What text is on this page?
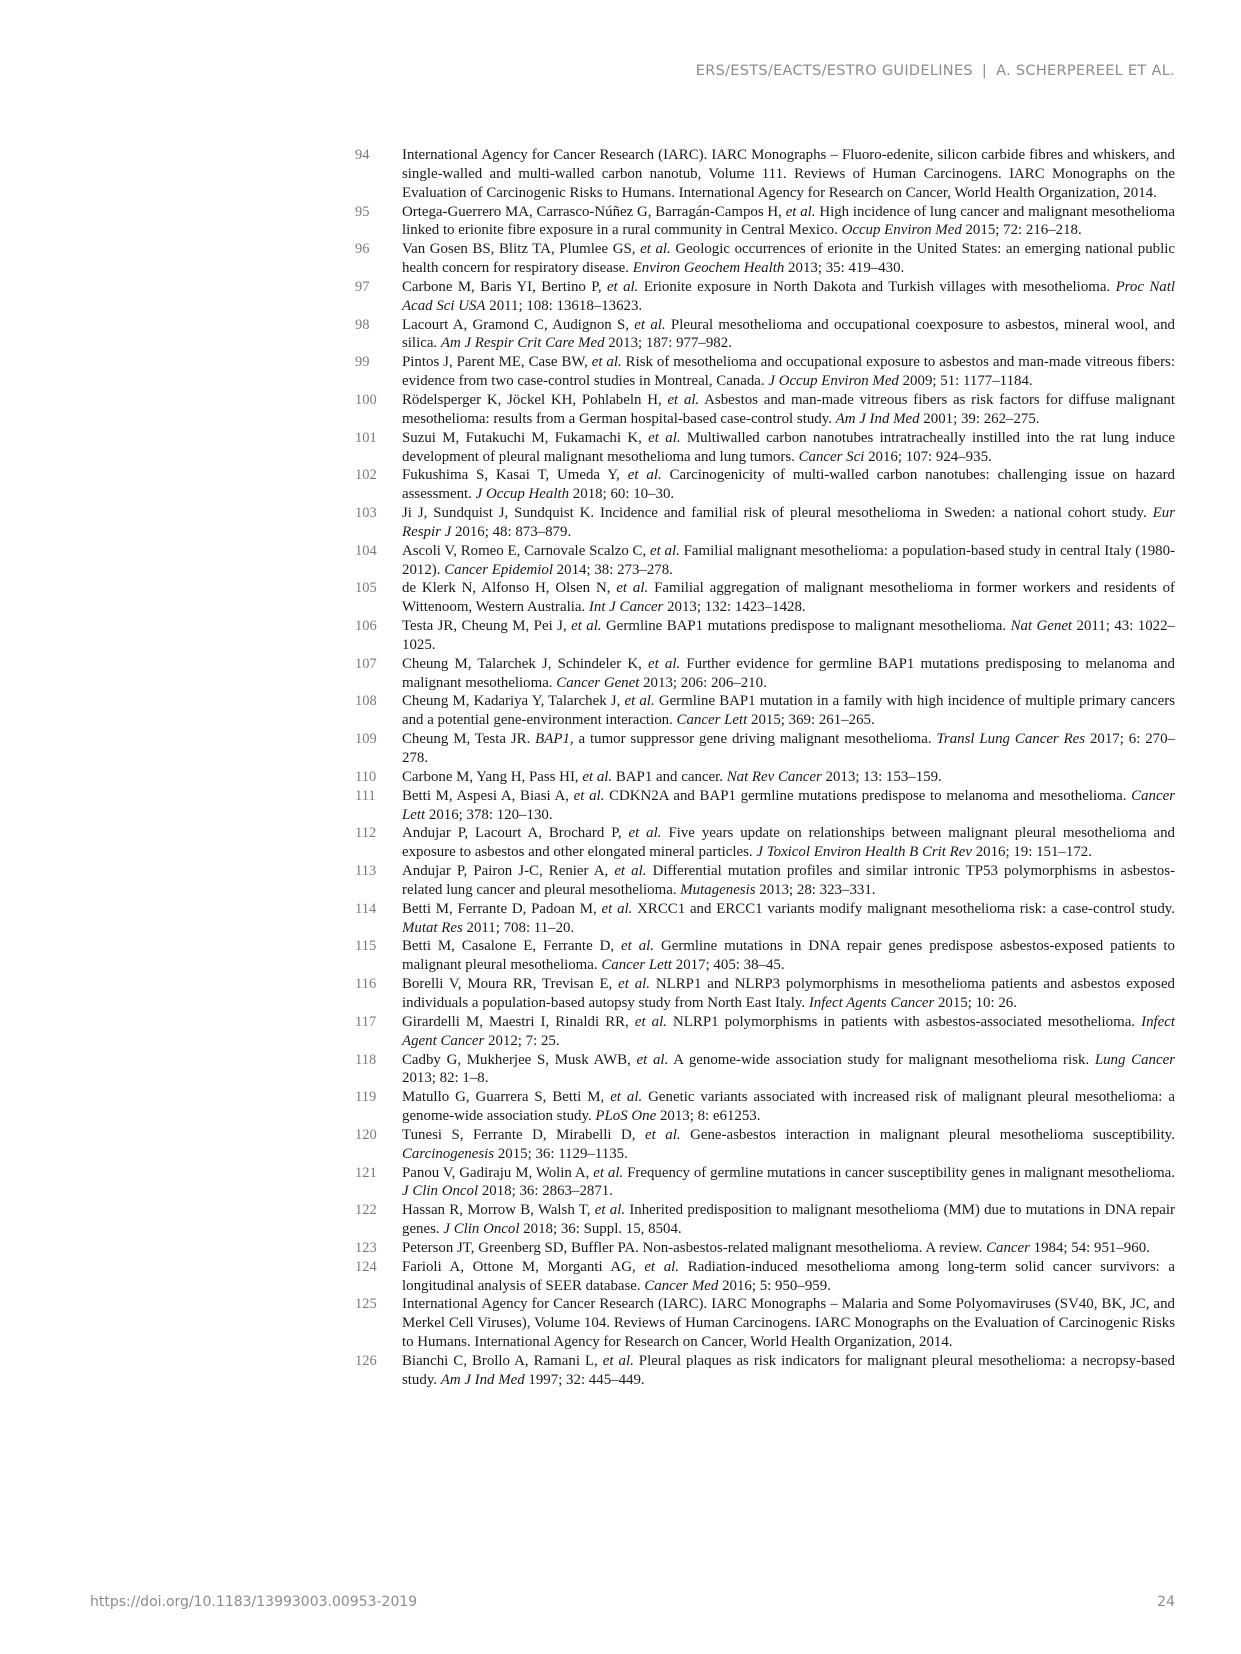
ERS/ESTS/EACTS/ESTRO GUIDELINES | A. SCHERPEREEL ET AL.

94	International Agency for Cancer Research (IARC). IARC Monographs – Fluoro-edenite, silicon carbide fibres and whiskers, and single-walled and multi-walled carbon nanotub, Volume 111. Reviews of Human Carcinogens. IARC Monographs on the Evaluation of Carcinogenic Risks to Humans. International Agency for Research on Cancer, World Health Organization, 2014.

95	Ortega-Guerrero MA, Carrasco-Núñez G, Barragán-Campos H, et al. High incidence of lung cancer and malignant mesothelioma linked to erionite fibre exposure in a rural community in Central Mexico. Occup Environ Med 2015; 72: 216–218.

96	Van Gosen BS, Blitz TA, Plumlee GS, et al. Geologic occurrences of erionite in the United States: an emerging national public health concern for respiratory disease. Environ Geochem Health 2013; 35: 419–430.

97	Carbone M, Baris YI, Bertino P, et al. Erionite exposure in North Dakota and Turkish villages with mesothelioma. Proc Natl Acad Sci USA 2011; 108: 13618–13623.

98	Lacourt A, Gramond C, Audignon S, et al. Pleural mesothelioma and occupational coexposure to asbestos, mineral wool, and silica. Am J Respir Crit Care Med 2013; 187: 977–982.

99	Pintos J, Parent ME, Case BW, et al. Risk of mesothelioma and occupational exposure to asbestos and man-made vitreous fibers: evidence from two case-control studies in Montreal, Canada. J Occup Environ Med 2009; 51: 1177–1184.

100	Rödelsperger K, Jöckel KH, Pohlabeln H, et al. Asbestos and man-made vitreous fibers as risk factors for diffuse malignant mesothelioma: results from a German hospital-based case-control study. Am J Ind Med 2001; 39: 262–275.

101	Suzui M, Futakuchi M, Fukamachi K, et al. Multiwalled carbon nanotubes intratracheally instilled into the rat lung induce development of pleural malignant mesothelioma and lung tumors. Cancer Sci 2016; 107: 924–935.

102	Fukushima S, Kasai T, Umeda Y, et al. Carcinogenicity of multi-walled carbon nanotubes: challenging issue on hazard assessment. J Occup Health 2018; 60: 10–30.

103	Ji J, Sundquist J, Sundquist K. Incidence and familial risk of pleural mesothelioma in Sweden: a national cohort study. Eur Respir J 2016; 48: 873–879.

104	Ascoli V, Romeo E, Carnovale Scalzo C, et al. Familial malignant mesothelioma: a population-based study in central Italy (1980-2012). Cancer Epidemiol 2014; 38: 273–278.

105	de Klerk N, Alfonso H, Olsen N, et al. Familial aggregation of malignant mesothelioma in former workers and residents of Wittenoom, Western Australia. Int J Cancer 2013; 132: 1423–1428.

106	Testa JR, Cheung M, Pei J, et al. Germline BAP1 mutations predispose to malignant mesothelioma. Nat Genet 2011; 43: 1022–1025.

107	Cheung M, Talarchek J, Schindeler K, et al. Further evidence for germline BAP1 mutations predisposing to melanoma and malignant mesothelioma. Cancer Genet 2013; 206: 206–210.

108	Cheung M, Kadariya Y, Talarchek J, et al. Germline BAP1 mutation in a family with high incidence of multiple primary cancers and a potential gene-environment interaction. Cancer Lett 2015; 369: 261–265.

109	Cheung M, Testa JR. BAP1, a tumor suppressor gene driving malignant mesothelioma. Transl Lung Cancer Res 2017; 6: 270–278.

110	Carbone M, Yang H, Pass HI, et al. BAP1 and cancer. Nat Rev Cancer 2013; 13: 153–159.

111	Betti M, Aspesi A, Biasi A, et al. CDKN2A and BAP1 germline mutations predispose to melanoma and mesothelioma. Cancer Lett 2016; 378: 120–130.

112	Andujar P, Lacourt A, Brochard P, et al. Five years update on relationships between malignant pleural mesothelioma and exposure to asbestos and other elongated mineral particles. J Toxicol Environ Health B Crit Rev 2016; 19: 151–172.

113	Andujar P, Pairon J-C, Renier A, et al. Differential mutation profiles and similar intronic TP53 polymorphisms in asbestos-related lung cancer and pleural mesothelioma. Mutagenesis 2013; 28: 323–331.

114	Betti M, Ferrante D, Padoan M, et al. XRCC1 and ERCC1 variants modify malignant mesothelioma risk: a case-control study. Mutat Res 2011; 708: 11–20.

115	Betti M, Casalone E, Ferrante D, et al. Germline mutations in DNA repair genes predispose asbestos-exposed patients to malignant pleural mesothelioma. Cancer Lett 2017; 405: 38–45.

116	Borelli V, Moura RR, Trevisan E, et al. NLRP1 and NLRP3 polymorphisms in mesothelioma patients and asbestos exposed individuals a population-based autopsy study from North East Italy. Infect Agents Cancer 2015; 10: 26.

117	Girardelli M, Maestri I, Rinaldi RR, et al. NLRP1 polymorphisms in patients with asbestos-associated mesothelioma. Infect Agent Cancer 2012; 7: 25.

118	Cadby G, Mukherjee S, Musk AWB, et al. A genome-wide association study for malignant mesothelioma risk. Lung Cancer 2013; 82: 1–8.

119	Matullo G, Guarrera S, Betti M, et al. Genetic variants associated with increased risk of malignant pleural mesothelioma: a genome-wide association study. PLoS One 2013; 8: e61253.

120	Tunesi S, Ferrante D, Mirabelli D, et al. Gene-asbestos interaction in malignant pleural mesothelioma susceptibility. Carcinogenesis 2015; 36: 1129–1135.

121	Panou V, Gadiraju M, Wolin A, et al. Frequency of germline mutations in cancer susceptibility genes in malignant mesothelioma. J Clin Oncol 2018; 36: 2863–2871.

122	Hassan R, Morrow B, Walsh T, et al. Inherited predisposition to malignant mesothelioma (MM) due to mutations in DNA repair genes. J Clin Oncol 2018; 36: Suppl. 15, 8504.

123	Peterson JT, Greenberg SD, Buffler PA. Non-asbestos-related malignant mesothelioma. A review. Cancer 1984; 54: 951–960.

124	Farioli A, Ottone M, Morganti AG, et al. Radiation-induced mesothelioma among long-term solid cancer survivors: a longitudinal analysis of SEER database. Cancer Med 2016; 5: 950–959.

125	International Agency for Cancer Research (IARC). IARC Monographs – Malaria and Some Polyomaviruses (SV40, BK, JC, and Merkel Cell Viruses), Volume 104. Reviews of Human Carcinogens. IARC Monographs on the Evaluation of Carcinogenic Risks to Humans. International Agency for Research on Cancer, World Health Organization, 2014.

126	Bianchi C, Brollo A, Ramani L, et al. Pleural plaques as risk indicators for malignant pleural mesothelioma: a necropsy-based study. Am J Ind Med 1997; 32: 445–449.

https://doi.org/10.1183/13993003.00953-2019	24
